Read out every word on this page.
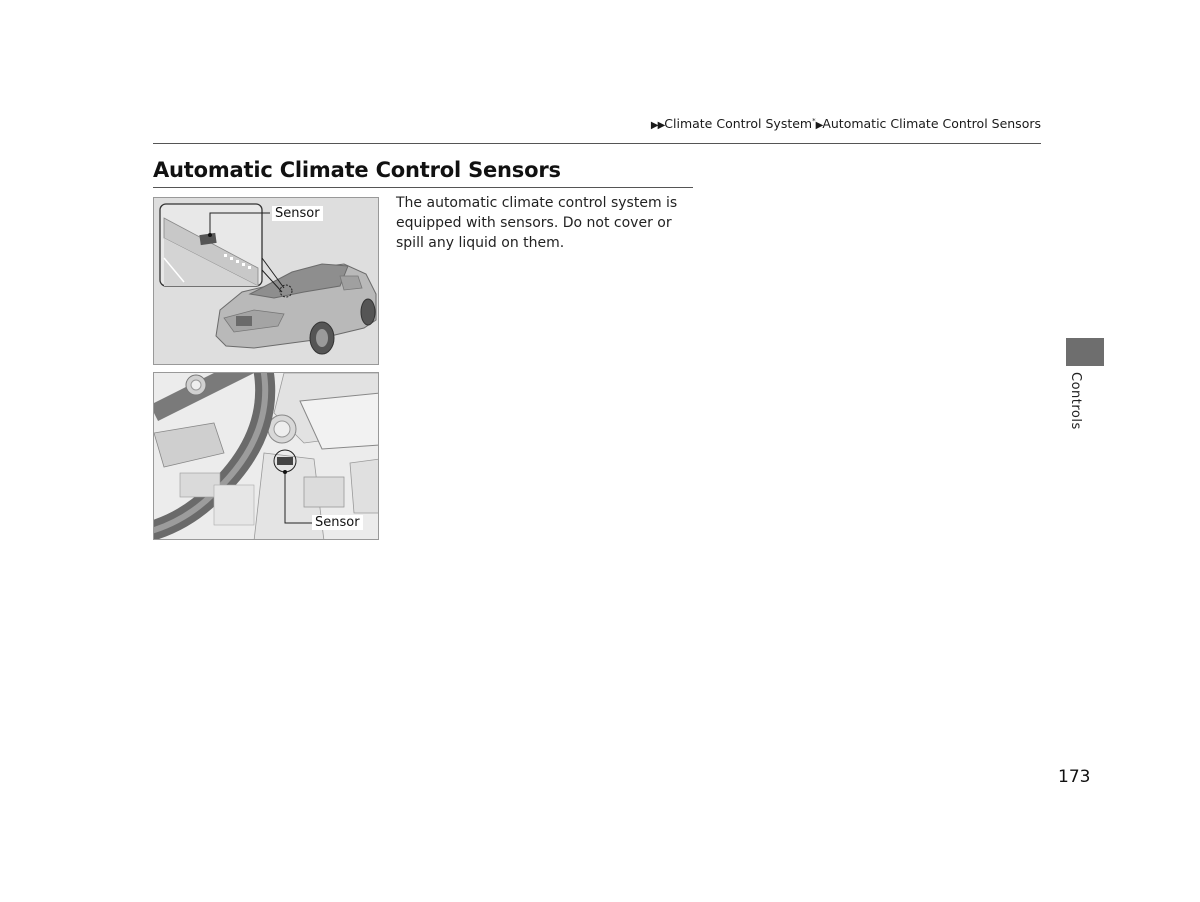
▶▶Climate Control System*▶Automatic Climate Control Sensors
Automatic Climate Control Sensors

The automatic climate control system is equipped with sensors. Do not cover or spill any liquid on them.

Sensor
Sensor
Controls
173
